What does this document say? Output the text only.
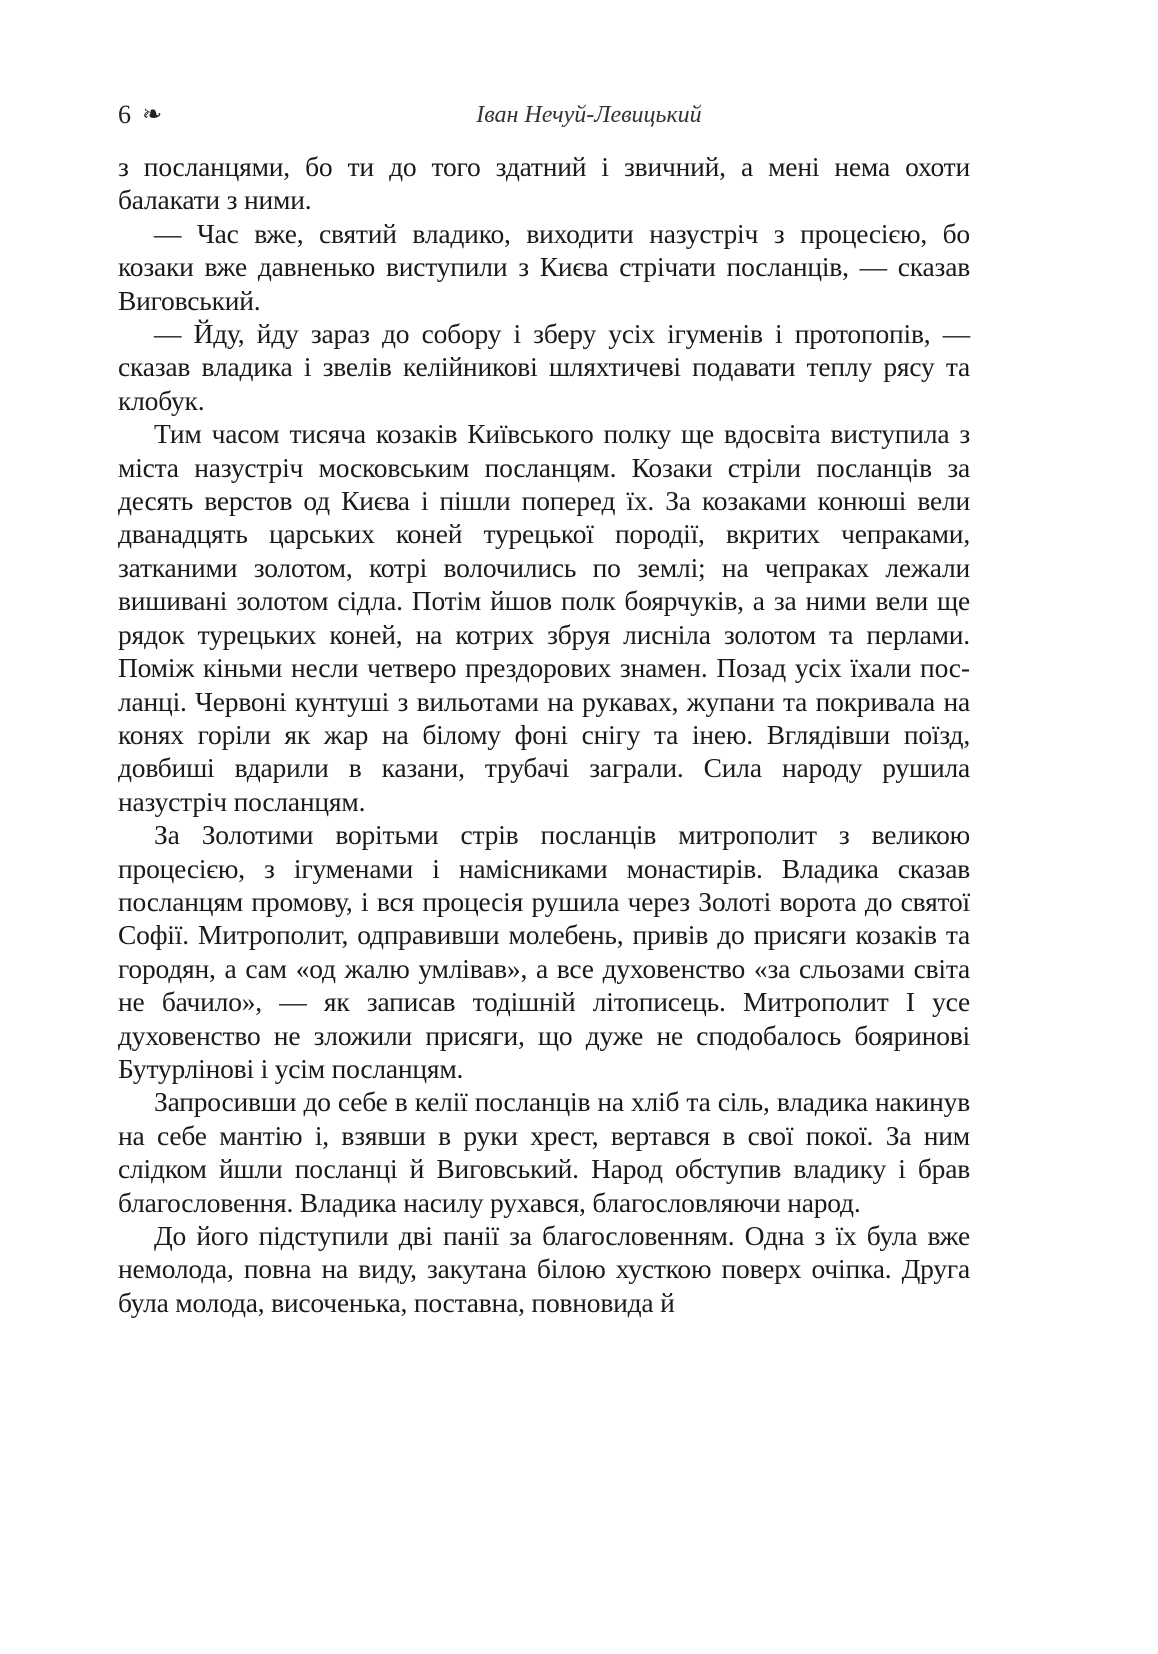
6 ❧	Іван Нечуй-Левицький

з посланцями, бо ти до того здатний і звичний, а мені нема охоти балакати з ними.

— Час вже, святий владико, виходити назустріч з процесією, бо козаки вже давненько виступили з Києва стрічати посланців, — сказав Виговський.

— Йду, йду зараз до собору і зберу усіх ігуменів і протопопів, — сказав владика і звелів келійникові шляхтичеві подавати теплу рясу та клобук.

Тим часом тисяча козаків Київського полку ще вдосвіта виступила з міста назустріч московським посланцям. Козаки стріли посланців за десять верстов од Києва і пішли поперед їх. За козаками конюші вели дванадцять царських коней турецької породії, вкритих чепраками, затканими золотом, котрі волочились по землі; на чепраках лежали вишивані золотом сідла. Потім йшов полк боярчуків, а за ними вели ще рядок турецьких коней, на котрих збруя лисніла золотом та перлами. Поміж кіньми несли четверо прездорових знамен. Позад усіх їхали посланці. Червоні кунтуші з вильотами на рукавах, жупани та покривала на конях горіли як жар на білому фоні снігу та інею. Вглядівши поїзд, довбиші вдарили в казани, трубачі заграли. Сила народу рушила назустріч посланцям.

За Золотими ворітьми стрів посланців митрополит з великою процесією, з ігуменами і намісниками монастирів. Владика сказав посланцям промову, і вся процесія рушила через Золоті ворота до святої Софії. Митрополит, одправивши молебень, привів до присяги козаків та городян, а сам «од жалю умлівав», а все духовенство «за сльозами світа не бачило», — як записав тодішній літописець. Митрополит І усе духовенство не зложили присяги, що дуже не сподобалось бояринові Бутурлінові і усім посланцям.

Запросивши до себе в келії посланців на хліб та сіль, владика накинув на себе мантію і, взявши в руки хрест, вертався в свої покої. За ним слідком йшли посланці й Виговський. Народ обступив владику і брав благословення. Владика насилу рухався, благословляючи народ.

До його підступили дві панії за благословенням. Одна з їх була вже немолода, повна на виду, закутана білою хусткою поверх очіпка. Друга була молода, височенька, поставна, повновида й
